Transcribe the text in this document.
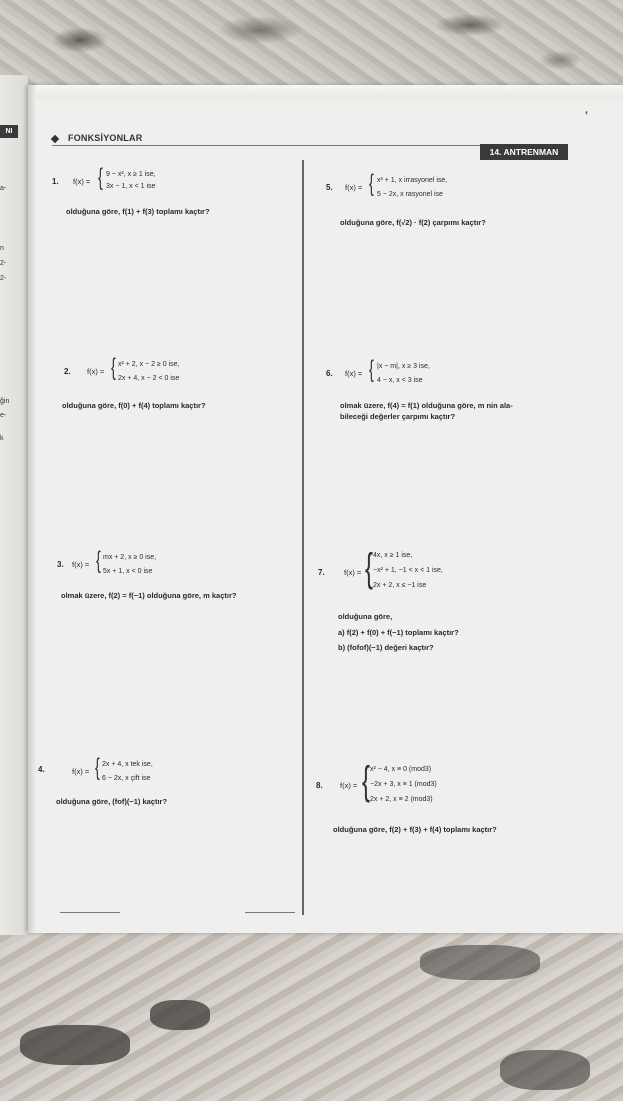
a-
n
2-
2-
ğin
e-
k
NI
◖
FONKSİYONLAR
14. ANTRENMAN
1. f(x) = { 9 − x², x ≥ 1 ise,
3x − 1, x < 1 ise
olduğuna göre, f(1) + f(3) toplamı kaçtır?
5. f(x) = { x² + 1, x irrasyonel ise,
5 − 2x, x rasyonel ise
olduğuna göre, f(√2) · f(2) çarpımı kaçtır?
2. f(x) = { x² + 2, x − 2 ≥ 0 ise,
2x + 4, x − 2 < 0 ise
olduğuna göre, f(0) + f(4) toplamı kaçtır?
6. f(x) = { |x − m|, x ≥ 3 ise,
4 − x, x < 3 ise
olmak üzere, f(4) = f(1) olduğuna göre, m nin ala-
bileceği değerler çarpımı kaçtır?
3. f(x) = { mx + 2, x ≥ 0 ise,
5x + 1, x < 0 ise
olmak üzere, f(2) = f(−1) olduğuna göre, m kaçtır?
7.	f(x) = { 4x, x ≥ 1 ise,
−x² + 1, −1 < x < 1 ise,
2x + 2, x ≤ −1 ise
olduğuna göre,
a) f(2) + f(0) + f(−1) toplamı kaçtır?
b) (fofof)(−1) değeri kaçtır?
4.	f(x) = { 2x + 4, x tek ise,
6 − 2x, x çift ise
olduğuna göre, (fof)(−1) kaçtır?
8. f(x) = { x² − 4, x ≡ 0 (mod3)
−2x + 3, x ≡ 1 (mod3)
2x + 2, x ≡ 2 (mod3)
olduğuna göre, f(2) + f(3) + f(4) toplamı kaçtır?
